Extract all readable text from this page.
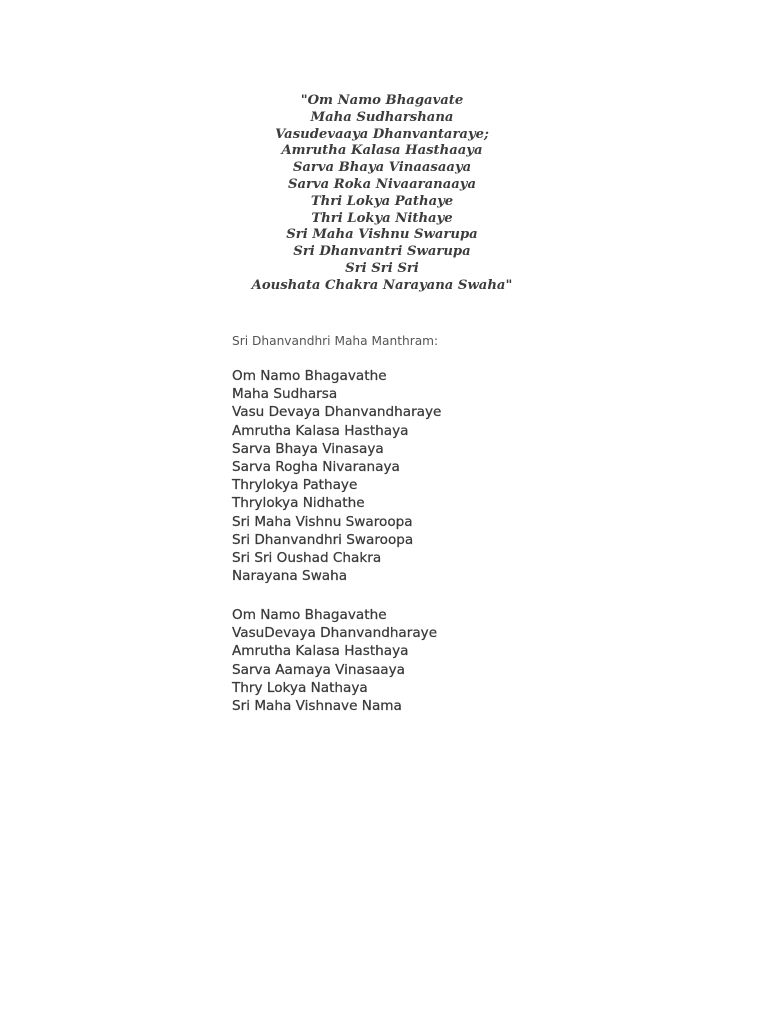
"Om Namo Bhagavate
Maha Sudharshana
Vasudevaaya Dhanvantaraye;
Amrutha Kalasa Hasthaaya
Sarva Bhaya Vinaasaaya
Sarva Roka Nivaaranaaya
Thri Lokya Pathaye
Thri Lokya Nithaye
Sri Maha Vishnu Swarupa
Sri Dhanvantri Swarupa
Sri Sri Sri
Aoushata Chakra Narayana Swaha"
Sri Dhanvandhri Maha Manthram:
Om Namo Bhagavathe
Maha Sudharsa
Vasu Devaya Dhanvandharaye
Amrutha Kalasa Hasthaya
Sarva Bhaya Vinasaya
Sarva Rogha Nivaranaya
Thrylokya Pathaye
Thrylokya Nidhathe
Sri Maha Vishnu Swaroopa
Sri Dhanvandhri Swaroopa
Sri Sri Oushad Chakra
Narayana Swaha
Om Namo Bhagavathe
VasuDevaya Dhanvandharaye
Amrutha Kalasa Hasthaya
Sarva Aamaya Vinasaaya
Thry Lokya Nathaya
Sri Maha Vishnave Nama
